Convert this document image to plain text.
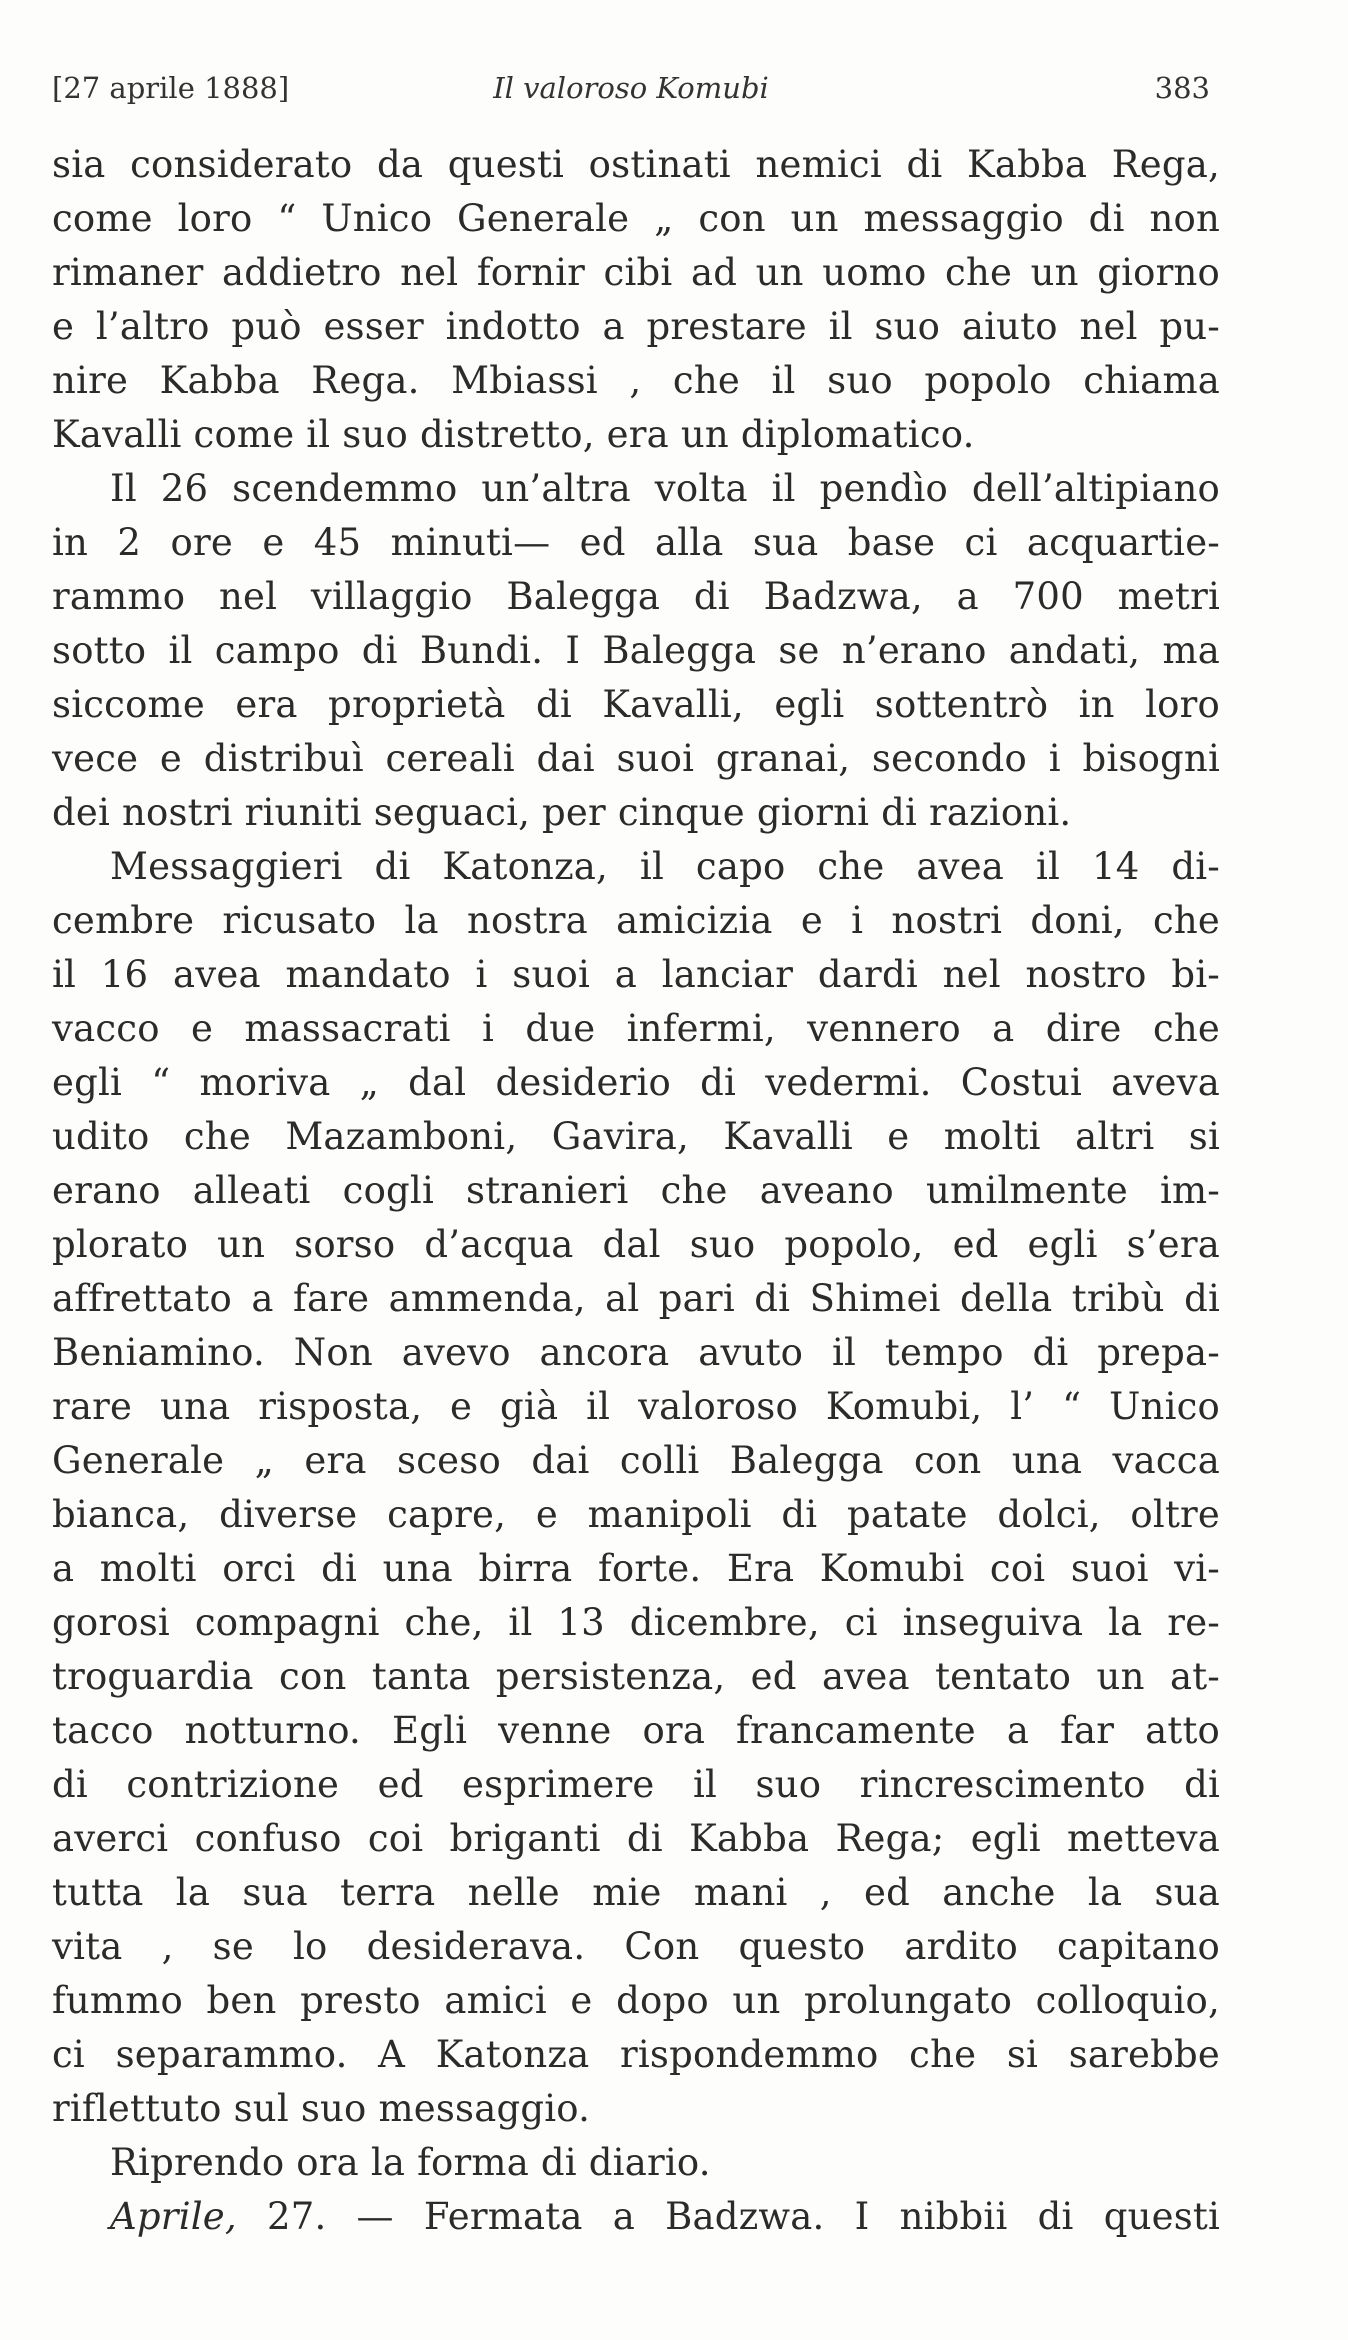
[27 aprile 1888]	Il valoroso Komubi	383
sia considerato da questi ostinati nemici di Kabba Rega,
come loro “ Unico Generale „ con un messaggio di non
rimaner addietro nel fornir cibi ad un uomo che un giorno
e l’altro può esser indotto a prestare il suo aiuto nel pu-
nire Kabba Rega. Mbiassi , che il suo popolo chiama
Kavalli come il suo distretto, era un diplomatico.
Il 26 scendemmo un’altra volta il pendìo dell’altipiano
in 2 ore e 45 minuti— ed alla sua base ci acquartie-
rammo nel villaggio Balegga di Badzwa, a 700 metri
sotto il campo di Bundi. I Balegga se n’erano andati, ma
siccome era proprietà di Kavalli, egli sottentrò in loro
vece e distribuì cereali dai suoi granai, secondo i bisogni
dei nostri riuniti seguaci, per cinque giorni di razioni.
Messaggieri di Katonza, il capo che avea il 14 di-
cembre ricusato la nostra amicizia e i nostri doni, che
il 16 avea mandato i suoi a lanciar dardi nel nostro bi-
vacco e massacrati i due infermi, vennero a dire che
egli “ moriva „ dal desiderio di vedermi. Costui aveva
udito che Mazamboni, Gavira, Kavalli e molti altri si
erano alleati cogli stranieri che aveano umilmente im-
plorato un sorso d’acqua dal suo popolo, ed egli s’era
affrettato a fare ammenda, al pari di Shimei della tribù di
Beniamino. Non avevo ancora avuto il tempo di prepa-
rare una risposta, e già il valoroso Komubi, l’ “ Unico
Generale „ era sceso dai colli Balegga con una vacca
bianca, diverse capre, e manipoli di patate dolci, oltre
a molti orci di una birra forte. Era Komubi coi suoi vi-
gorosi compagni che, il 13 dicembre, ci inseguiva la re-
troguardia con tanta persistenza, ed avea tentato un at-
tacco notturno. Egli venne ora francamente a far atto
di contrizione ed esprimere il suo rincrescimento di
averci confuso coi briganti di Kabba Rega; egli metteva
tutta la sua terra nelle mie mani , ed anche la sua
vita , se lo desiderava. Con questo ardito capitano
fummo ben presto amici e dopo un prolungato colloquio,
ci separammo. A Katonza rispondemmo che si sarebbe
riflettuto sul suo messaggio.
Riprendo ora la forma di diario.
Aprile, 27. — Fermata a Badzwa. I nibbii di questi
